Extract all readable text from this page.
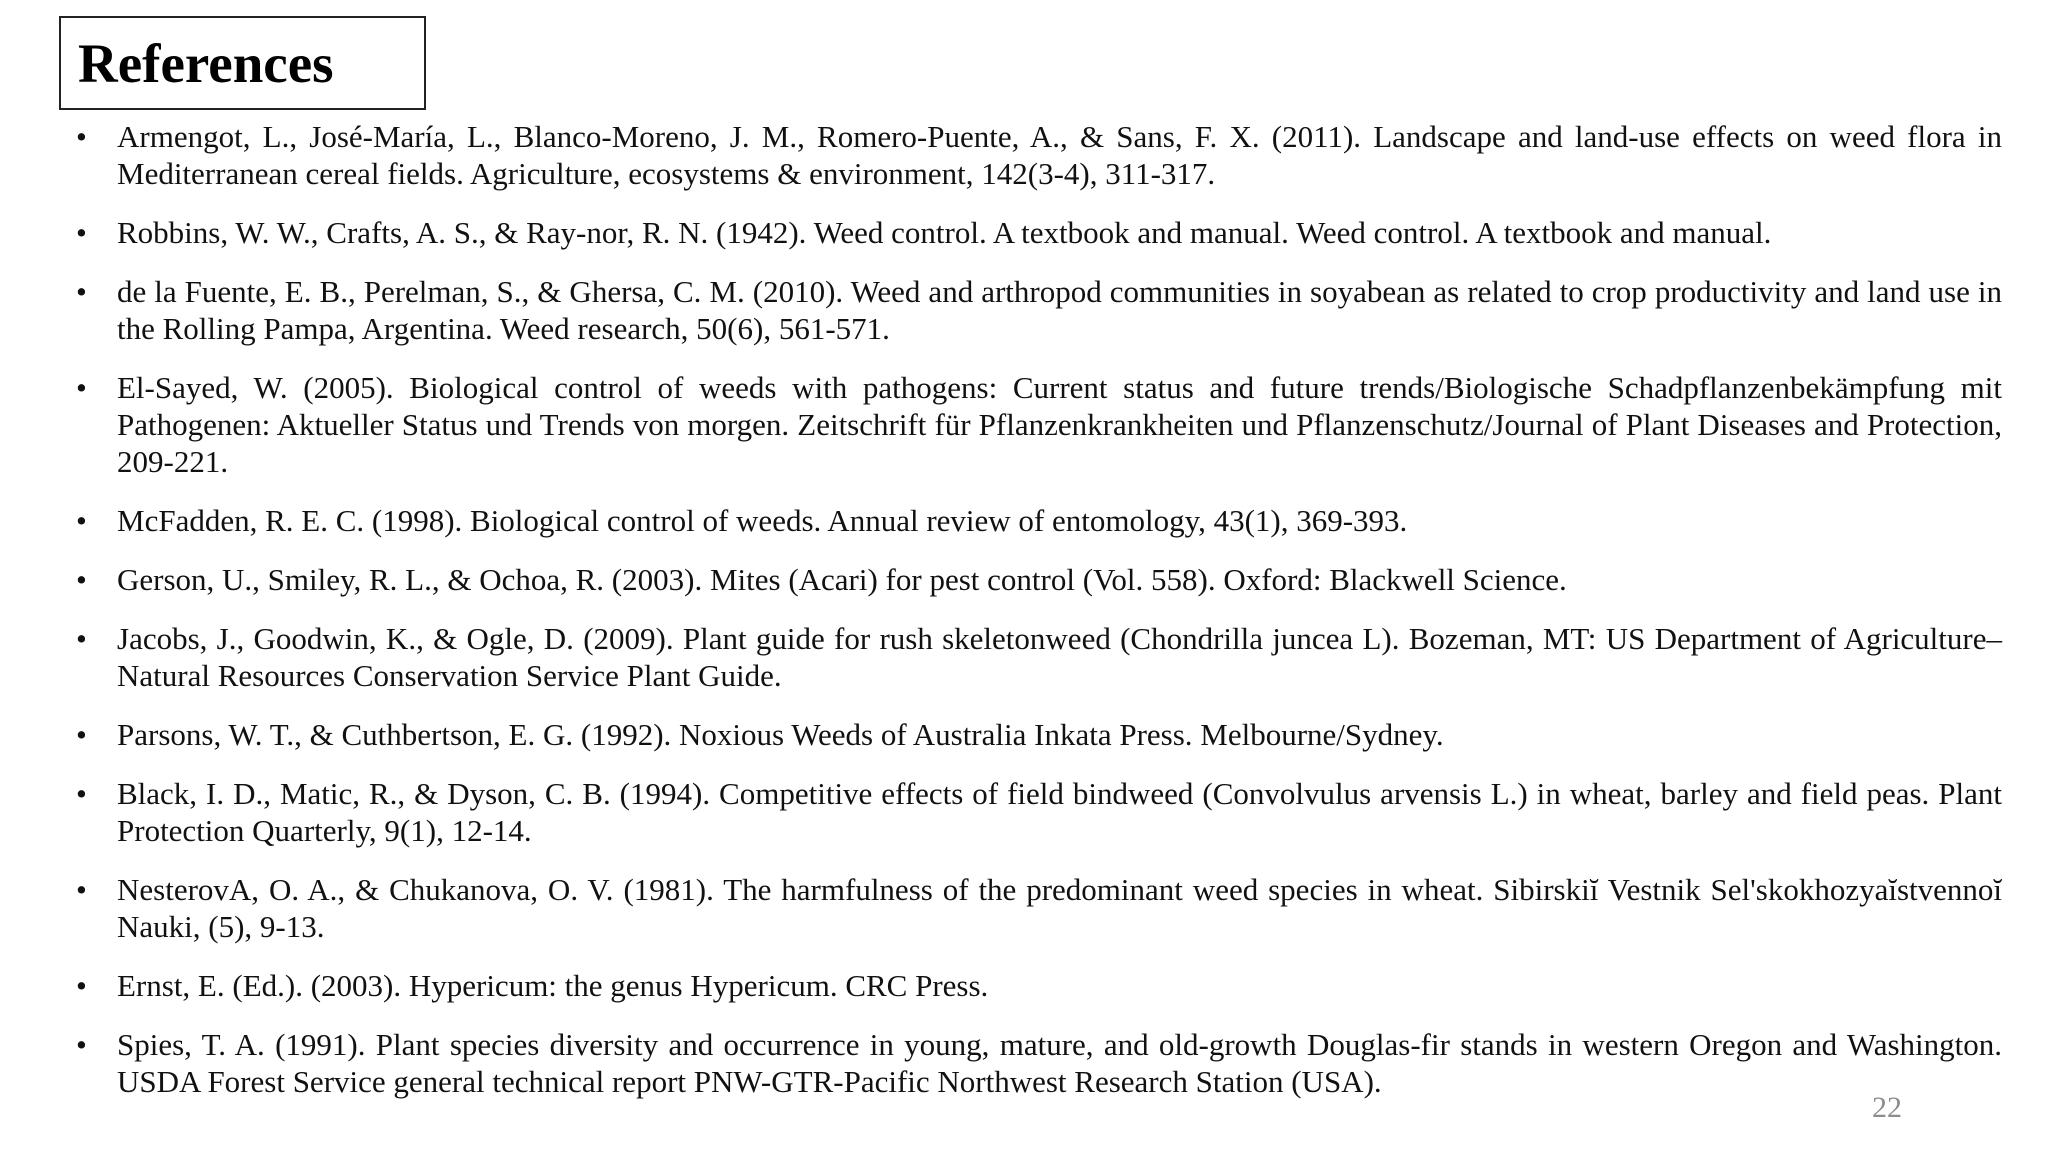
References
• Armengot, L., José-María, L., Blanco-Moreno, J. M., Romero-Puente, A., & Sans, F. X. (2011). Landscape and land-use effects on weed flora in Mediterranean cereal fields. Agriculture, ecosystems & environment, 142(3-4), 311-317.
• Robbins, W. W., Crafts, A. S., & Ray-nor, R. N. (1942). Weed control. A textbook and manual. Weed control. A textbook and manual.
• de la Fuente, E. B., Perelman, S., & Ghersa, C. M. (2010). Weed and arthropod communities in soyabean as related to crop productivity and land use in the Rolling Pampa, Argentina. Weed research, 50(6), 561-571.
• El-Sayed, W. (2005). Biological control of weeds with pathogens: Current status and future trends/Biologische Schadpflanzenbekämpfung mit Pathogenen: Aktueller Status und Trends von morgen. Zeitschrift für Pflanzenkrankheiten und Pflanzenschutz/Journal of Plant Diseases and Protection, 209-221.
• McFadden, R. E. C. (1998). Biological control of weeds. Annual review of entomology, 43(1), 369-393.
• Gerson, U., Smiley, R. L., & Ochoa, R. (2003). Mites (Acari) for pest control (Vol. 558). Oxford: Blackwell Science.
• Jacobs, J., Goodwin, K., & Ogle, D. (2009). Plant guide for rush skeletonweed (Chondrilla juncea L). Bozeman, MT: US Department of Agriculture–Natural Resources Conservation Service Plant Guide.
• Parsons, W. T., & Cuthbertson, E. G. (1992). Noxious Weeds of Australia Inkata Press. Melbourne/Sydney.
• Black, I. D., Matic, R., & Dyson, C. B. (1994). Competitive effects of field bindweed (Convolvulus arvensis L.) in wheat, barley and field peas. Plant Protection Quarterly, 9(1), 12-14.
• NesterovA, O. A., & Chukanova, O. V. (1981). The harmfulness of the predominant weed species in wheat. Sibirskiĭ Vestnik Sel'skokhozyaĭstvennoĭ Nauki, (5), 9-13.
• Ernst, E. (Ed.). (2003). Hypericum: the genus Hypericum. CRC Press.
• Spies, T. A. (1991). Plant species diversity and occurrence in young, mature, and old-growth Douglas-fir stands in western Oregon and Washington. USDA Forest Service general technical report PNW-GTR-Pacific Northwest Research Station (USA).
22
